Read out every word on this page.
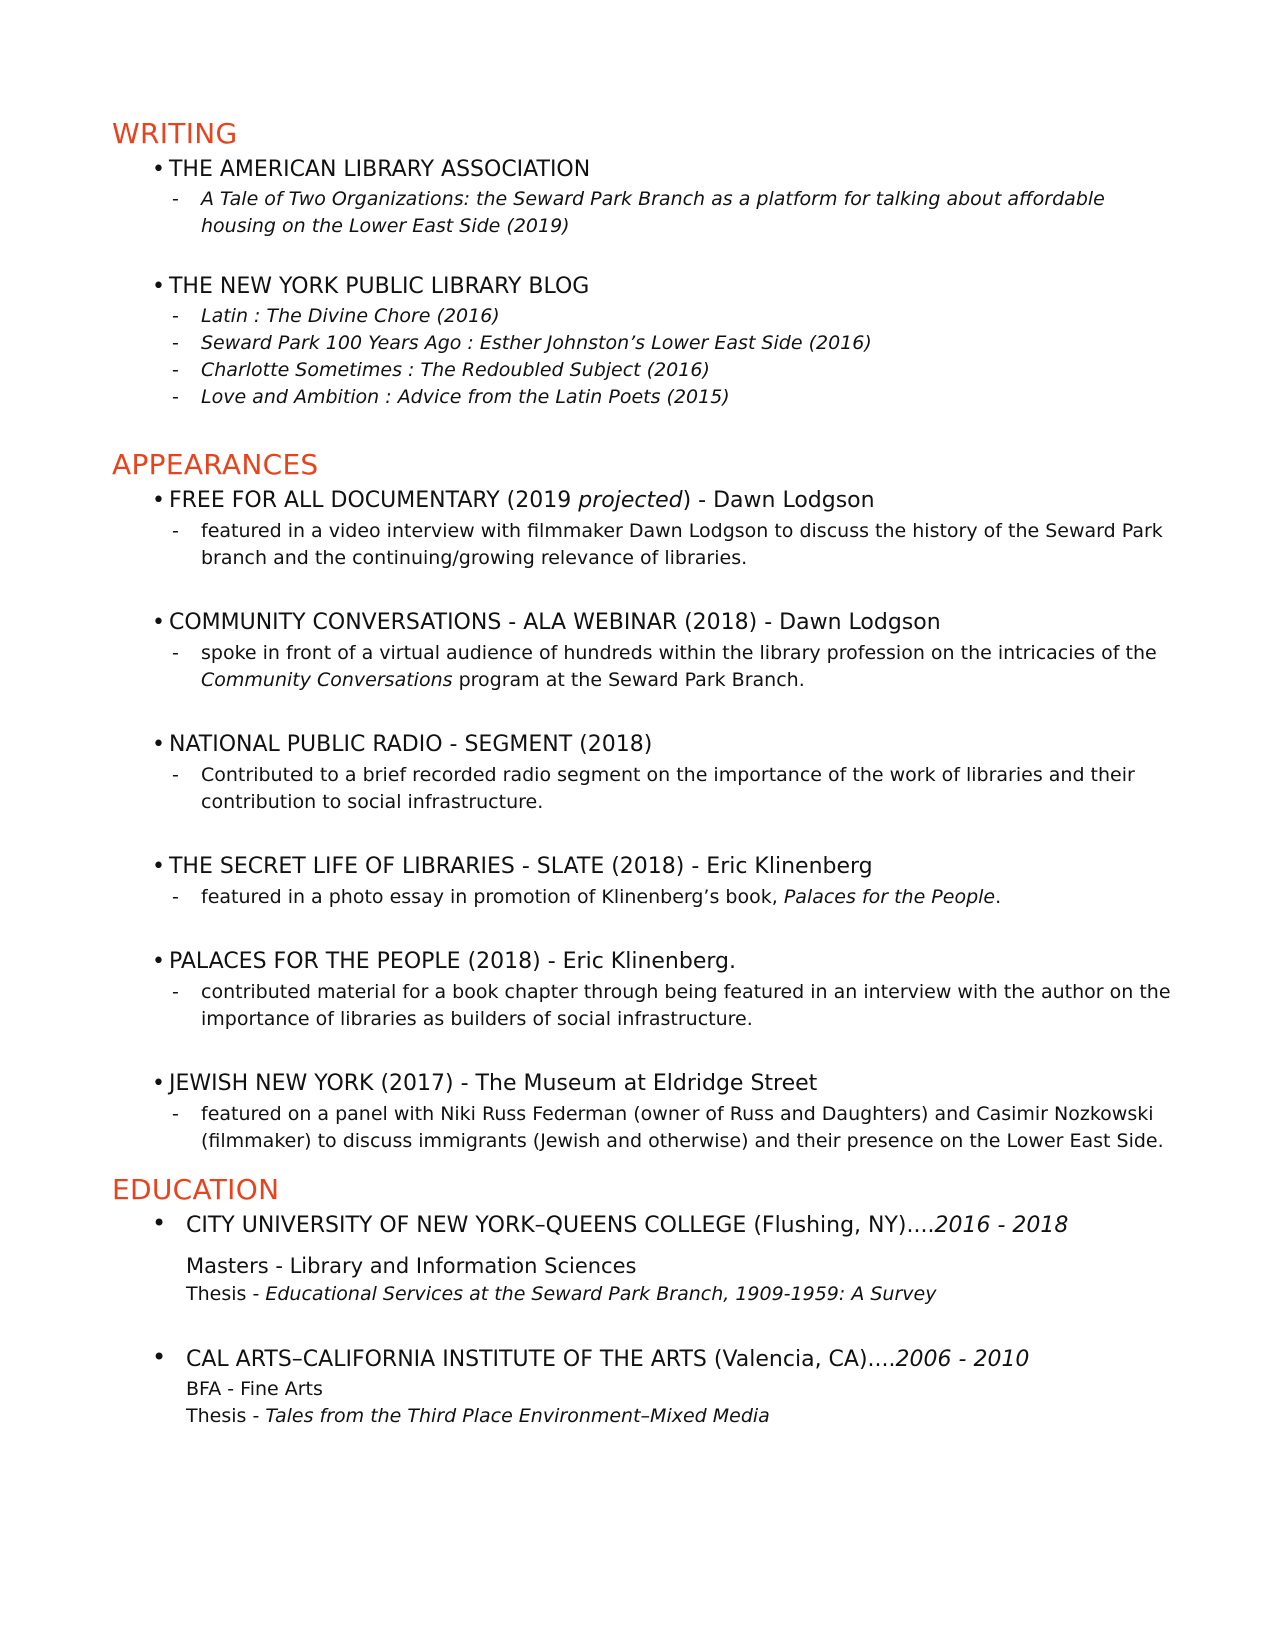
WRITING
• THE AMERICAN LIBRARY ASSOCIATION
- A Tale of Two Organizations: the Seward Park Branch as a platform for talking about affordable
housing on the Lower East Side (2019)
• THE NEW YORK PUBLIC LIBRARY BLOG
- Latin : The Divine Chore (2016)
- Seward Park 100 Years Ago : Esther Johnston’s Lower East Side (2016)
- Charlotte Sometimes : The Redoubled Subject (2016)
- Love and Ambition : Advice from the Latin Poets (2015)
APPEARANCES
• FREE FOR ALL DOCUMENTARY (2019 projected) - Dawn Lodgson
- featured in a video interview with filmmaker Dawn Lodgson to discuss the history of the Seward Park
branch and the continuing/growing relevance of libraries.
• COMMUNITY CONVERSATIONS - ALA WEBINAR (2018) - Dawn Lodgson
- spoke in front of a virtual audience of hundreds within the library profession on the intricacies of the
Community Conversations program at the Seward Park Branch.
• NATIONAL PUBLIC RADIO - SEGMENT (2018)
- Contributed to a brief recorded radio segment on the importance of the work of libraries and their
contribution to social infrastructure.
• THE SECRET LIFE OF LIBRARIES - SLATE (2018) - Eric Klinenberg
- featured in a photo essay in promotion of Klinenberg’s book, Palaces for the People.
• PALACES FOR THE PEOPLE (2018) - Eric Klinenberg.
- contributed material for a book chapter through being featured in an interview with the author on the
importance of libraries as builders of social infrastructure.
• JEWISH NEW YORK (2017) - The Museum at Eldridge Street
- featured on a panel with Niki Russ Federman (owner of Russ and Daughters) and Casimir Nozkowski
(filmmaker) to discuss immigrants (Jewish and otherwise) and their presence on the Lower East Side.
EDUCATION
• CITY UNIVERSITY OF NEW YORK–QUEENS COLLEGE (Flushing, NY)....2016 - 2018
Masters - Library and Information Sciences
Thesis - Educational Services at the Seward Park Branch, 1909-1959: A Survey
• CAL ARTS–CALIFORNIA INSTITUTE OF THE ARTS (Valencia, CA)....2006 - 2010
BFA - Fine Arts
Thesis - Tales from the Third Place Environment–Mixed Media
